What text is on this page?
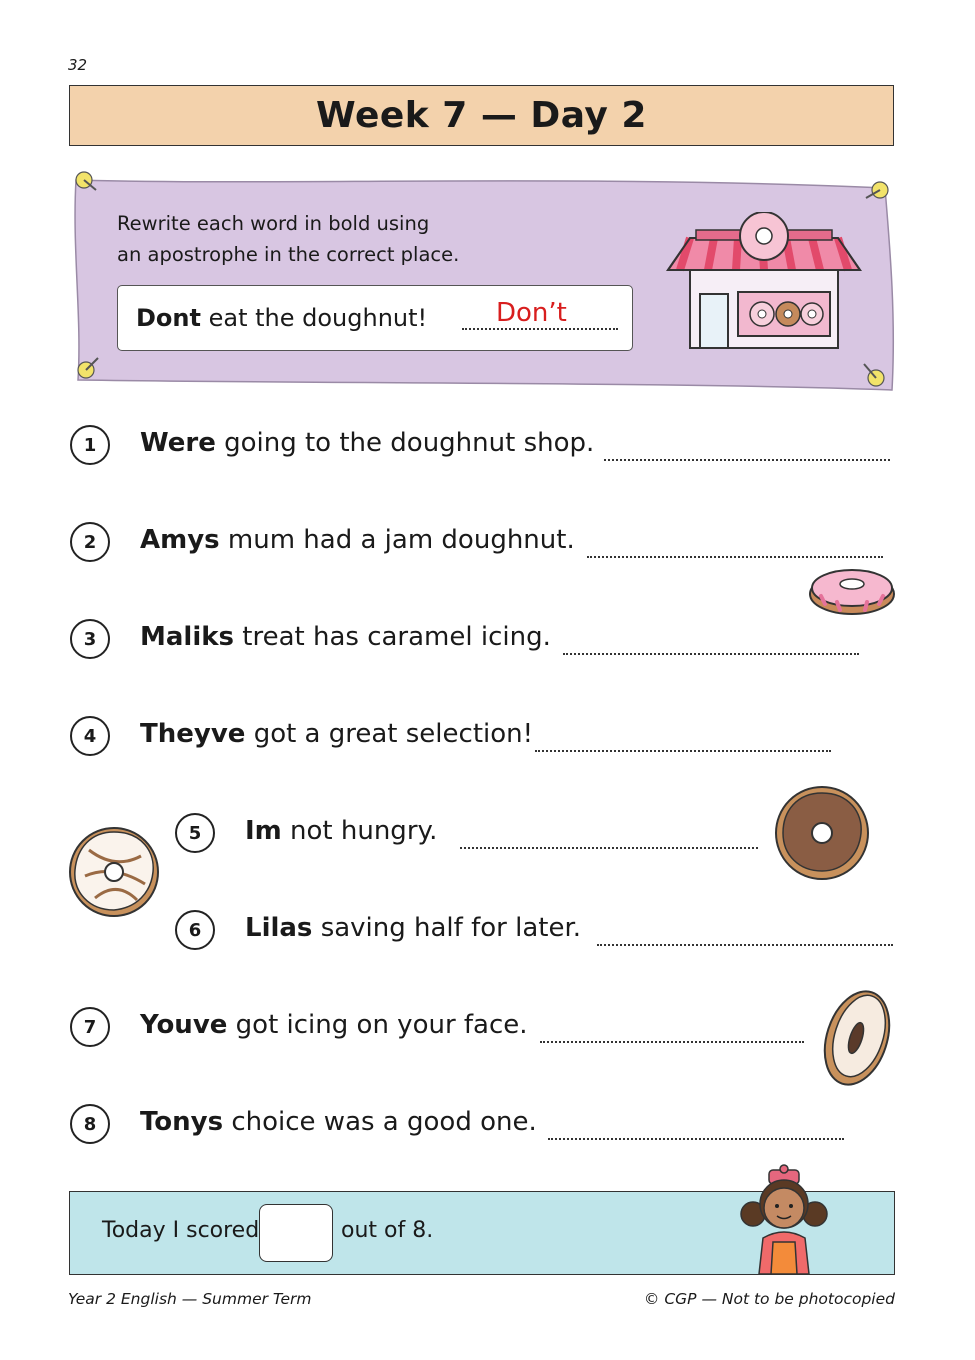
32
Week 7 — Day 2
Rewrite each word in bold using
an apostrophe in the correct place.
Dont eat the doughnut!	Don’t
1	Were going to the doughnut shop.
2	Amys mum had a jam doughnut.
3	Maliks treat has caramel icing.
4	Theyve got a great selection!
5	Im not hungry.
6	Lilas saving half for later.
7	Youve got icing on your face.
8	Tonys choice was a good one.
Today I scored	out of 8.
Year 2 English — Summer Term	© CGP — Not to be photocopied
